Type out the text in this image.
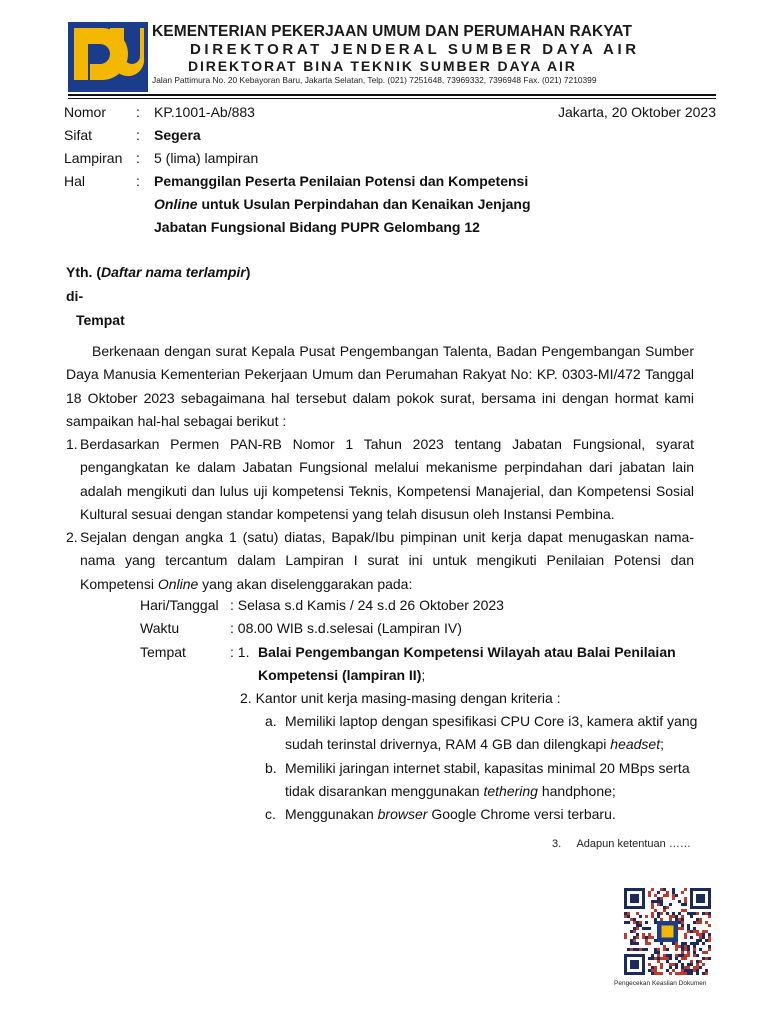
KEMENTERIAN PEKERJAAN UMUM DAN PERUMAHAN RAKYAT
DIREKTORAT JENDERAL SUMBER DAYA AIR
DIREKTORAT BINA TEKNIK SUMBER DAYA AIR
Jalan Pattimura No. 20 Kebayoran Baru, Jakarta Selatan, Telp. (021) 7251648, 73969332, 7396948 Fax. (021) 7210399
Nomor : KP.1001-Ab/883	Jakarta, 20 Oktober 2023
Sifat	: Segera
Lampiran : 5 (lima) lampiran
Hal	: Pemanggilan Peserta Penilaian Potensi dan Kompetensi
Online untuk Usulan Perpindahan dan Kenaikan Jenjang
Jabatan Fungsional Bidang PUPR Gelombang 12
Yth. (Daftar nama terlampir)
di-
Tempat
Berkenaan dengan surat Kepala Pusat Pengembangan Talenta, Badan Pengembangan Sumber Daya Manusia Kementerian Pekerjaan Umum dan Perumahan Rakyat No: KP. 0303-MI/472 Tanggal 18 Oktober 2023 sebagaimana hal tersebut dalam pokok surat, bersama ini dengan hormat kami sampaikan hal-hal sebagai berikut :
1. Berdasarkan Permen PAN-RB Nomor 1 Tahun 2023 tentang Jabatan Fungsional, syarat pengangkatan ke dalam Jabatan Fungsional melalui mekanisme perpindahan dari jabatan lain adalah mengikuti dan lulus uji kompetensi Teknis, Kompetensi Manajerial, dan Kompetensi Sosial Kultural sesuai dengan standar kompetensi yang telah disusun oleh Instansi Pembina.
2. Sejalan dengan angka 1 (satu) diatas, Bapak/Ibu pimpinan unit kerja dapat menugaskan nama-nama yang tercantum dalam Lampiran I surat ini untuk mengikuti Penilaian Potensi dan Kompetensi Online yang akan diselenggarakan pada:
Hari/Tanggal : Selasa s.d Kamis / 24 s.d 26 Oktober 2023
Waktu	: 08.00 WIB s.d.selesai (Lampiran IV)
Tempat	: 1. Balai Pengembangan Kompetensi Wilayah atau Balai Penilaian Kompetensi (lampiran II);
2. Kantor unit kerja masing-masing dengan kriteria :
a. Memiliki laptop dengan spesifikasi CPU Core i3, kamera aktif yang sudah terinstal drivernya, RAM 4 GB dan dilengkapi headset;
b. Memiliki jaringan internet stabil, kapasitas minimal 20 MBps serta tidak disarankan menggunakan tethering handphone;
c. Menggunakan browser Google Chrome versi terbaru.
3. Adapun ketentuan ……
Pengecekan Keaslian Dokumen
